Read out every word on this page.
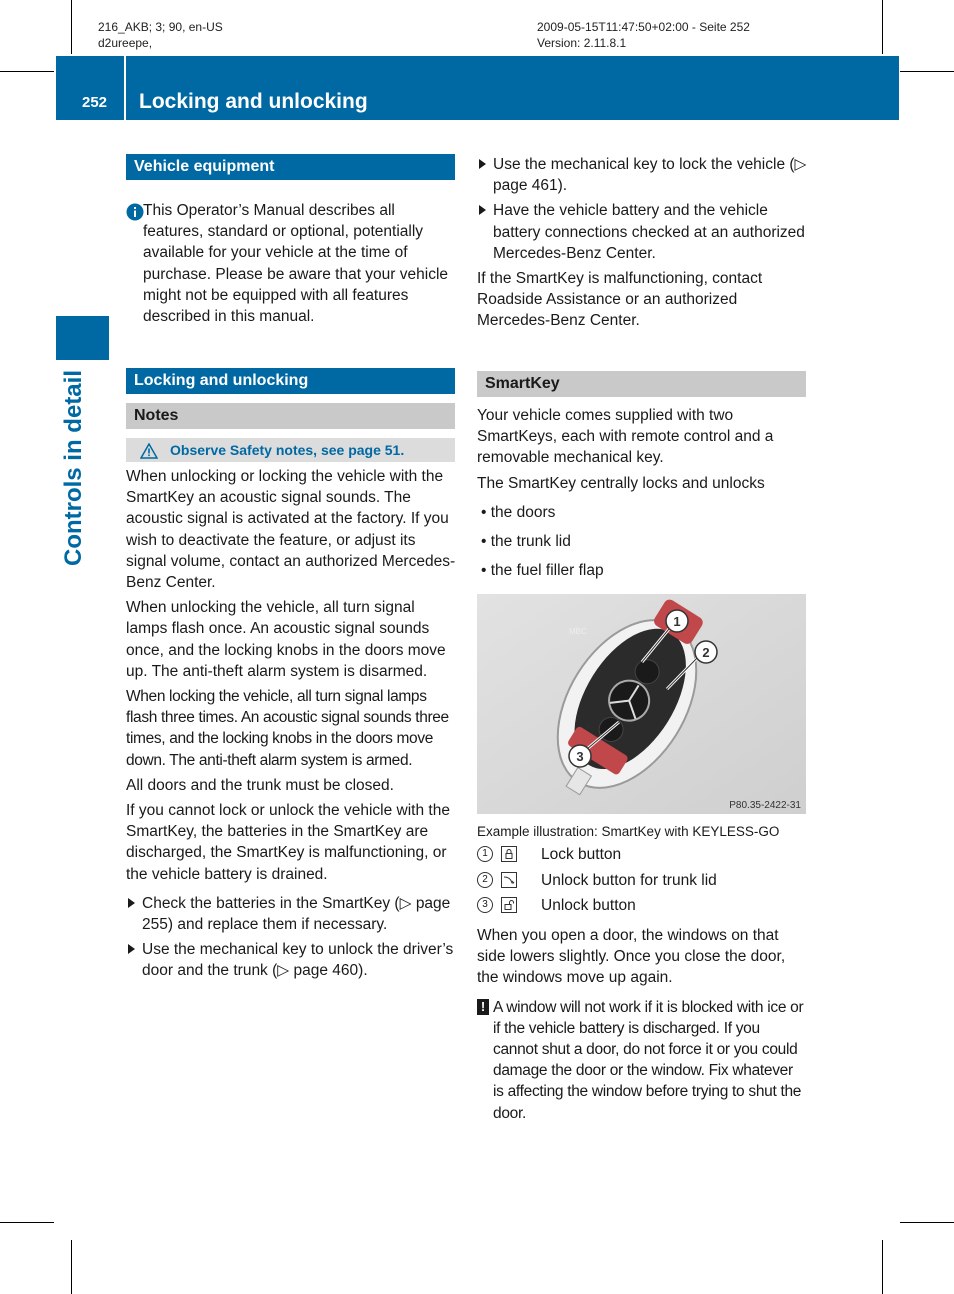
216_AKB; 3; 90, en-US
d2ureepe,
2009-05-15T11:47:50+02:00 - Seite 252
Version: 2.11.8.1
252 Locking and unlocking
Controls in detail
Vehicle equipment

This Operator’s Manual describes all features, standard or optional, potentially available for your vehicle at the time of purchase. Please be aware that your vehicle might not be equipped with all features described in this manual.

Locking and unlocking
Notes
Observe Safety notes, see page 51.

When unlocking or locking the vehicle with the SmartKey an acoustic signal sounds. The acoustic signal is activated at the factory. If you wish to deactivate the feature, or adjust its signal volume, contact an authorized Mercedes-Benz Center.

When unlocking the vehicle, all turn signal lamps flash once. An acoustic signal sounds once, and the locking knobs in the doors move up. The anti-theft alarm system is disarmed.

When locking the vehicle, all turn signal lamps flash three times. An acoustic signal sounds three times, and the locking knobs in the doors move down. The anti-theft alarm system is armed.

All doors and the trunk must be closed.

If you cannot lock or unlock the vehicle with the SmartKey, the batteries in the SmartKey are discharged, the SmartKey is malfunctioning, or the vehicle battery is drained.

Check the batteries in the SmartKey (▷ page 255) and replace them if necessary.

Use the mechanical key to unlock the driver’s door and the trunk (▷ page 460).

Use the mechanical key to lock the vehicle (▷ page 461).

Have the vehicle battery and the vehicle battery connections checked at an authorized Mercedes-Benz Center.

If the SmartKey is malfunctioning, contact Roadside Assistance or an authorized Mercedes-Benz Center.

SmartKey

Your vehicle comes supplied with two SmartKeys, each with remote control and a removable mechanical key.

The SmartKey centrally locks and unlocks

• the doors

• the trunk lid

• the fuel filler flap

MBC
1
2
3
P80.35-2422-31
Example illustration: SmartKey with KEYLESS-GO
1	Lock button
2	Unlock button for trunk lid
3	Unlock button

When you open a door, the windows on that side lowers slightly. Once you close the door, the windows move up again.

! A window will not work if it is blocked with ice or if the vehicle battery is discharged. If you cannot shut a door, do not force it or you could damage the door or the window. Fix whatever is affecting the window before trying to shut the door.
